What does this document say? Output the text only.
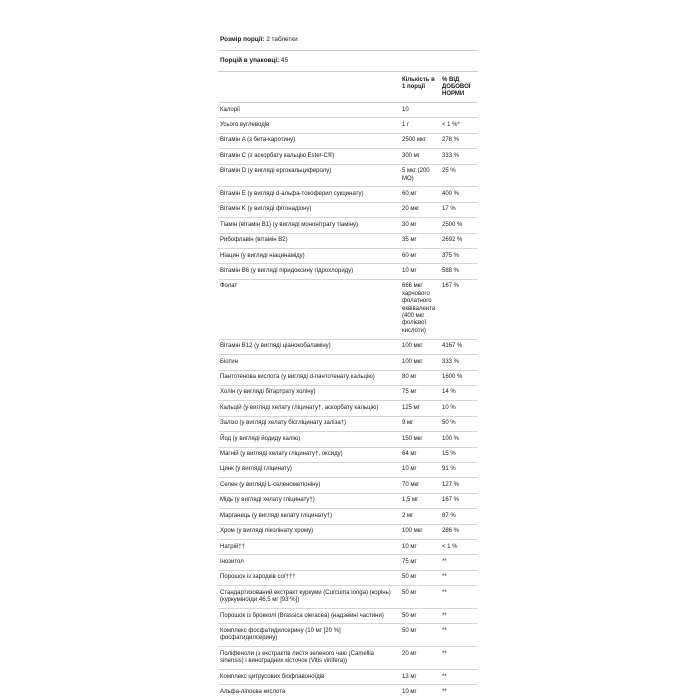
Розмір порції: 2 таблетки
Порцій в упаковці: 45
	Кількість в 1 порції	% ВІД ДОБОВОЇ НОРМИ
Калорії	10	
Усього вуглеводів	1 г	< 1 %*
Вітамін A (з бета-каротину)	2500 мкг	278 %
Вітамін C (з аскорбату кальцію Ester-C®)	300 мг	333 %
Вітамін D (у вигляді ергокальциферолу)	5 мкг (200 МО)	25 %
Вітамін E (у вигляді d-альфа-токоферил сукцинату)	60 мг	400 %
Вітамін K (у вигляді фітонадіону)	20 мкг	17 %
Тіамін (вітамін B1) (у вигляді мононітрату тіаміну)	30 мг	2500 %
Рибофлавін (вітамін B2)	35 мг	2692 %
Ніацин (у вигляді ніацинаміду)	60 мг	375 %
Вітамін B6 (у вигляді піридоксину гідрохлориду)	10 мг	588 %
Фолат	666 мкг харчового фолатного еквівалента (400 мкг фолієвої кислоти)	167 %
Вітамін B12 (у вигляді ціанокобаламіну)	100 мкг	4167 %
Біотин	100 мкг	333 %
Пантотенова кислота (у вигляді d-пантотенату кальцію)	80 мг	1600 %
Холін (у вигляді бітартрату холіну)	75 мг	14 %
Кальцій (у вигляді хелату гліцинату†, аскорбату кальцію)	125 мг	10 %
Залізо (у вигляді хелату бісгліцинату заліза†)	9 мг	50 %
Йод (у вигляді йодиду калію)	150 мкг	100 %
Магній (у вигляді хелату гліцинату†, оксиду)	64 мг	15 %
Цинк (у вигляді гліцинату)	10 мг	91 %
Селен (у вигляді L-селенометіоніну)	70 мкг	127 %
Мідь (у вигляді хелату гліцинату†)	1,5 мг	167 %
Марганець (у вигляді хелату гліцинату†)	2 мг	87 %
Хром (у вигляді піколінату хрому)	100 мкг	286 %
Натрій††	10 мг	< 1 %
Інозитол	75 мг	**
Порошок із зародків сої†††	50 мг	**
Стандартизований екстракт куркуми (Curcuma longa) (корінь) (куркуміноїди 46,5 мг [93 %])	50 мг	**
Порошок із брокколі (Brassica oleracea) (надземні частини)	50 мг	**
Комплекс фосфатидилсерину (10 мг [20 %] фосфатидилсерину)	50 мг	**
Поліфеноли (з екстрактів листя зеленого чаю (Camellia sinensis) і виноградних кісточок (Vitis vinifera))	20 мг	**
Комплекс цитрусових біофлавоноїдів	13 мг	**
Альфа-ліпоєва кислота	10 мг	**
